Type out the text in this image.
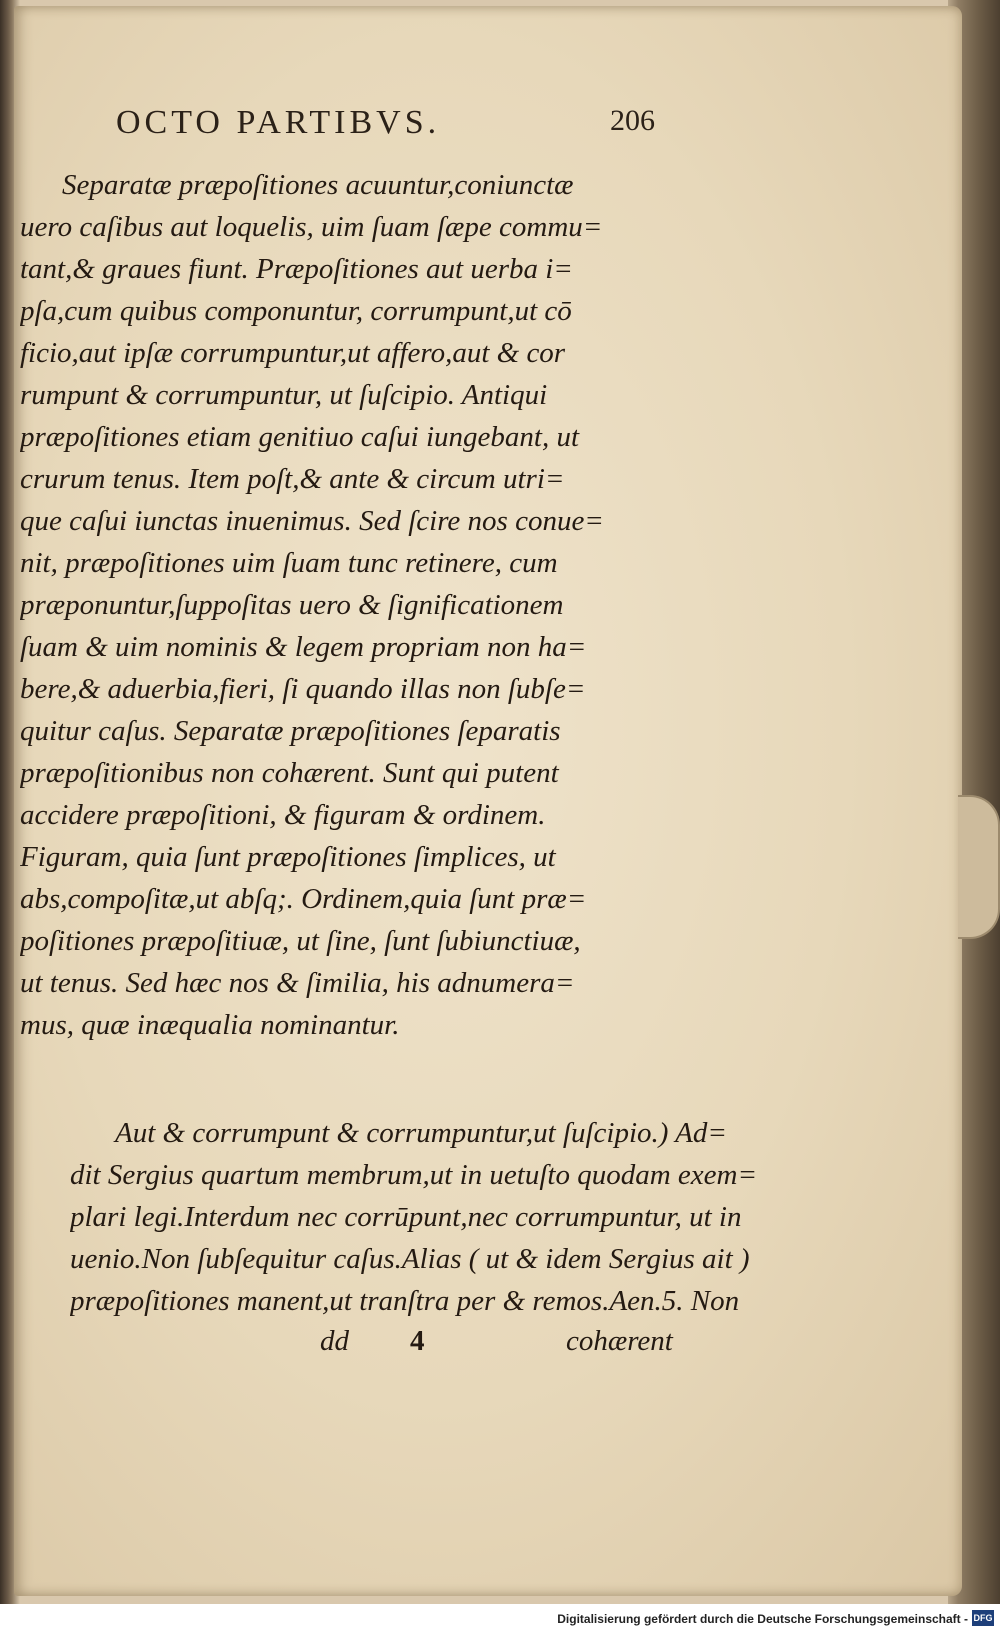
OCTO PARTIBVS.	206
Separatæ præpoſitiones acuuntur,coniunctæ
uero caſibus aut loquelis, uim ſuam ſæpe commu=
tant,& graues fiunt. Præpoſitiones aut uerba i=
pſa,cum quibus componuntur, corrumpunt,ut cō
ficio,aut ipſæ corrumpuntur,ut affero,aut & cor
rumpunt & corrumpuntur, ut ſuſcipio. Antiqui
præpoſitiones etiam genitiuo caſui iungebant, ut
crurum tenus. Item poſt,& ante & circum utri=
que caſui iunctas inuenimus. Sed ſcire nos conue=
nit, præpoſitiones uim ſuam tunc retinere, cum
præponuntur,ſuppoſitas uero & ſignificationem
ſuam & uim nominis & legem propriam non ha=
bere,& aduerbia,fieri, ſi quando illas non ſubſe=
quitur caſus. Separatæ præpoſitiones ſeparatis
præpoſitionibus non cohærent. Sunt qui putent
accidere præpoſitioni, & figuram & ordinem.
Figuram, quia ſunt præpoſitiones ſimplices, ut
abs,compoſitæ,ut abſq;. Ordinem,quia ſunt præ=
poſitiones præpoſitiuæ, ut ſine, ſunt ſubiunctiuæ,
ut tenus. Sed hæc nos & ſimilia, his adnumera=
mus, quæ inæqualia nominantur.
Aut & corrumpunt & corrumpuntur,ut ſuſcipio.) Ad=
dit Sergius quartum membrum,ut in uetuſto quodam exem=
plari legi.Interdum nec corrūpunt,nec corrumpuntur, ut in
uenio.Non ſubſequitur caſus.Alias ( ut & idem Sergius ait )
præpoſitiones manent,ut tranſtra per & remos.Aen.5. Non
dd 4	cohærent
Digitalisierung gefördert durch die Deutsche Forschungsgemeinschaft - DFG
